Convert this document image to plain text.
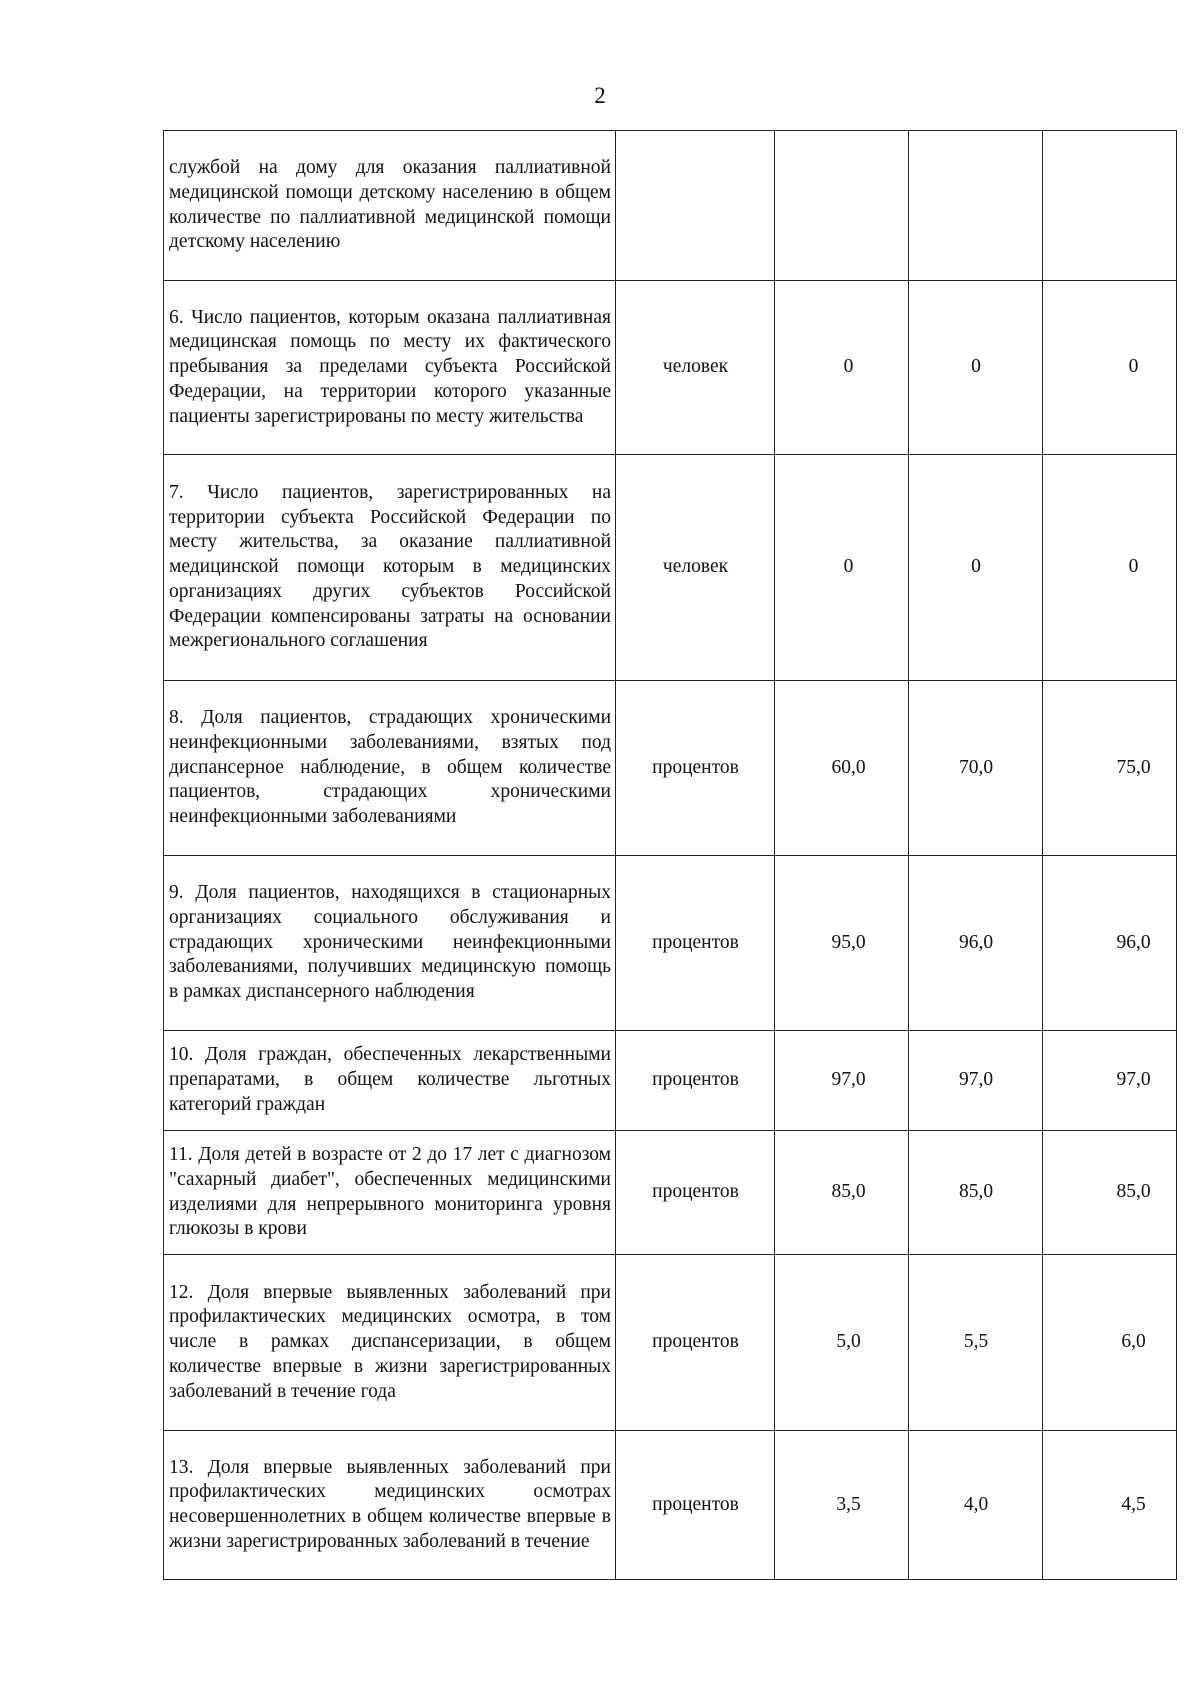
2
службой на дому для оказания паллиативной медицинской помощи детскому населению в общем количестве по паллиативной медицинской помощи детскому населению				
6. Число пациентов, которым оказана паллиативная медицинская помощь по месту их фактического пребывания за пределами субъекта Российской Федерации, на территории которого указанные пациенты зарегистрированы по месту жительства	человек	0	0	0
7. Число пациентов, зарегистрированных на территории субъекта Российской Федерации по месту жительства, за оказание паллиативной медицинской помощи которым в медицинских организациях других субъектов Российской Федерации компенсированы затраты на основании межрегионального соглашения	человек	0	0	0
8. Доля пациентов, страдающих хроническими неинфекционными заболеваниями, взятых под диспансерное наблюдение, в общем количестве пациентов, страдающих хроническими неинфекционными заболеваниями	процентов	60,0	70,0	75,0
9. Доля пациентов, находящихся в стационарных организациях социального обслуживания и страдающих хроническими неинфекционными заболеваниями, получивших медицинскую помощь в рамках диспансерного наблюдения	процентов	95,0	96,0	96,0
10. Доля граждан, обеспеченных лекарственными препаратами, в общем количестве льготных категорий граждан	процентов	97,0	97,0	97,0
11. Доля детей в возрасте от 2 до 17 лет с диагнозом "сахарный диабет", обеспеченных медицинскими изделиями для непрерывного мониторинга уровня глюкозы в крови	процентов	85,0	85,0	85,0
12. Доля впервые выявленных заболеваний при профилактических медицинских осмотра, в том числе в рамках диспансеризации, в общем количестве впервые в жизни зарегистрированных заболеваний в течение года	процентов	5,0	5,5	6,0
13. Доля впервые выявленных заболеваний при профилактических медицинских осмотрах несовершеннолетних в общем количестве впервые в жизни зарегистрированных заболеваний в течение	процентов	3,5	4,0	4,5
